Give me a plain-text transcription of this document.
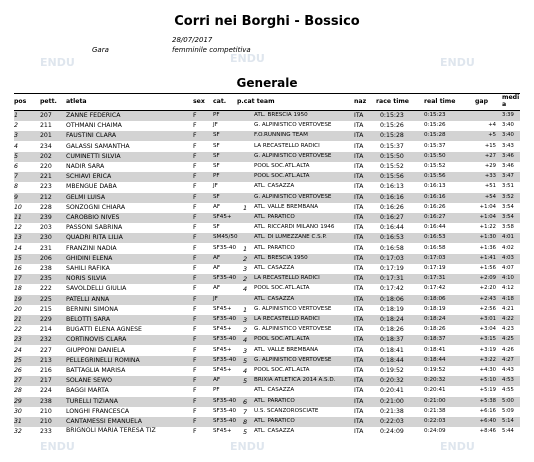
Corri nei Borghi - Bossico
28/07/2017
Gara	femminile competitiva
ENDU
ENDU	ENDU
ENDU	ENDU	ENDU
Generale
pos pett. atleta	sex cat. p.cat team	naz race time real time	gap
medi a
1	207 ZANNE FEDERICA	F	PF	ATL. BRESCIA 1950	ITA	0:15:23	0:15:23	3:39
2	211 OTHMANI CHAIMA	F	JF	G. ALPINISTICO VERTOVESE	ITA	0:15:26	0:15:26	+4 3:40
3	201 FAUSTINI CLARA	F	SF	F.O.RUNNING TEAM	ITA	0:15:28	0:15:28	+5 3:40
4	234 GALASSI SAMANTHA	F	SF	LA RECASTELLO RADICI	ITA	0:15:37	0:15:37	+15 3:43
5	202 CUMINETTI SILVIA	F	SF	G. ALPINISTICO VERTOVESE	ITA	0:15:50	0:15:50	+27 3:46
6	220 NADIR SARA	F	SF	POOL SOC.ATL.ALTA	ITA	0:15:52	0:15:52	+29 3:46
7	221 SCHIAVI ERICA	F	PF	POOL SOC.ATL.ALTA	ITA	0:15:56	0:15:56	+33 3:47
8	223 MBENGUE DABA	F	JF	ATL. CASAZZA	ITA	0:16:13	0:16:13	+51 3:51
9	212 GELMI LUISA	F	SF	G. ALPINISTICO VERTOVESE	ITA	0:16:16	0:16:16	+54 3:52
10	228 SONZOGNI CHIARA	F	AF	1 ATL. VALLE BREMBANA	ITA	0:16:26	0:16:26	+1:04 3:54
11	239 CAROBBIO NIVES	F	SF45+	ATL. PARATICO	ITA	0:16:27	0:16:27	+1:04 3:54
12	203 PASSONI SABRINA	F	SF	ATL. RICCARDI MILANO 1946	ITA	0:16:44	0:16:44	+1:22 3:58
13	230 QUADRI RITA LILIA	F	SM45/50	ATL. DI LUMEZZANE C.S.P.	ITA	0:16:53	0:16:53	+1:30 4:01
14	231 FRANZINI NADIA	F	SF35-40 1 ATL. PARATICO	ITA	0:16:58	0:16:58	+1:36 4:02
15	206 GHIDINI ELENA	F	AF	2 ATL. BRESCIA 1950	ITA	0:17:03	0:17:03	+1:41 4:03
16	238 SAHILI RAFIKA	F	AF	3 ATL. CASAZZA	ITA	0:17:19	0:17:19	+1:56 4:07
17	235 NORIS SILVIA	F	SF35-40 2 LA RECASTELLO RADICI	ITA	0:17:31	0:17:31	+2:09 4:10
18	222 SAVOLDELLI GIULIA	F	AF	4 POOL SOC.ATL.ALTA	ITA	0:17:42	0:17:42	+2:20 4:12
19	225 PATELLI ANNA	F	JF	ATL. CASAZZA	ITA	0:18:06	0:18:06	+2:43 4:18
20	215 BERNINI SIMONA	F	SF45+ 1 G. ALPINISTICO VERTOVESE	ITA	0:18:19	0:18:19	+2:56 4:21
21	229 BELOTTI SARA	F	SF35-40 3 LA RECASTELLO RADICI	ITA	0:18:24	0:18:24	+3:01 4:22
22	214 BUGATTI ELENA AGNESE	F	SF45+ 2 G. ALPINISTICO VERTOVESE	ITA	0:18:26	0:18:26	+3:04 4:23
23	232 CORTINOVIS CLARA	F	SF35-40 4 POOL SOC.ATL.ALTA	ITA	0:18:37	0:18:37	+3:15 4:25
24	227 GIUPPONI DANIELA	F	SF45+ 3 ATL. VALLE BREMBANA	ITA	0:18:41	0:18:41	+3:19 4:26
25	213 PELLEGRINELLI ROMINA	F	SF35-40 5 G. ALPINISTICO VERTOVESE	ITA	0:18:44	0:18:44	+3:22 4:27
26	216 BATTAGLIA MARISA	F	SF45+ 4 POOL SOC.ATL.ALTA	ITA	0:19:52	0:19:52	+4:30 4:43
27	217 SOLANE SEWO	F	AF	5 BRIXIA ATLETICA 2014 A.S.D.	ITA	0:20:32	0:20:32	+5:10 4:53
28	224 BAGGI MARTA	F	PF	ATL. CASAZZA	ITA	0:20:41	0:20:41	+5:19 4:55
29	238 TURELLI TIZIANA	F	SF35-40 6 ATL. PARATICO	ITA	0:21:00	0:21:00	+5:38 5:00
30	210 LONGHI FRANCESCA	F	SF35-40 7 U.S. SCANZOROSCIATE	ITA	0:21:38	0:21:38	+6:16 5:09
31	210 CANTAMESSI EMANUELA	F	SF35-40 8 ATL. PARATICO	ITA	0:22:03	0:22:03	+6:40 5:14
32	233 BRIGNOLI MARIA TERESA TIZ	F	SF45+ 5 ATL. CASAZZA	ITA	0:24:09	0:24:09	+8:46 5:44
